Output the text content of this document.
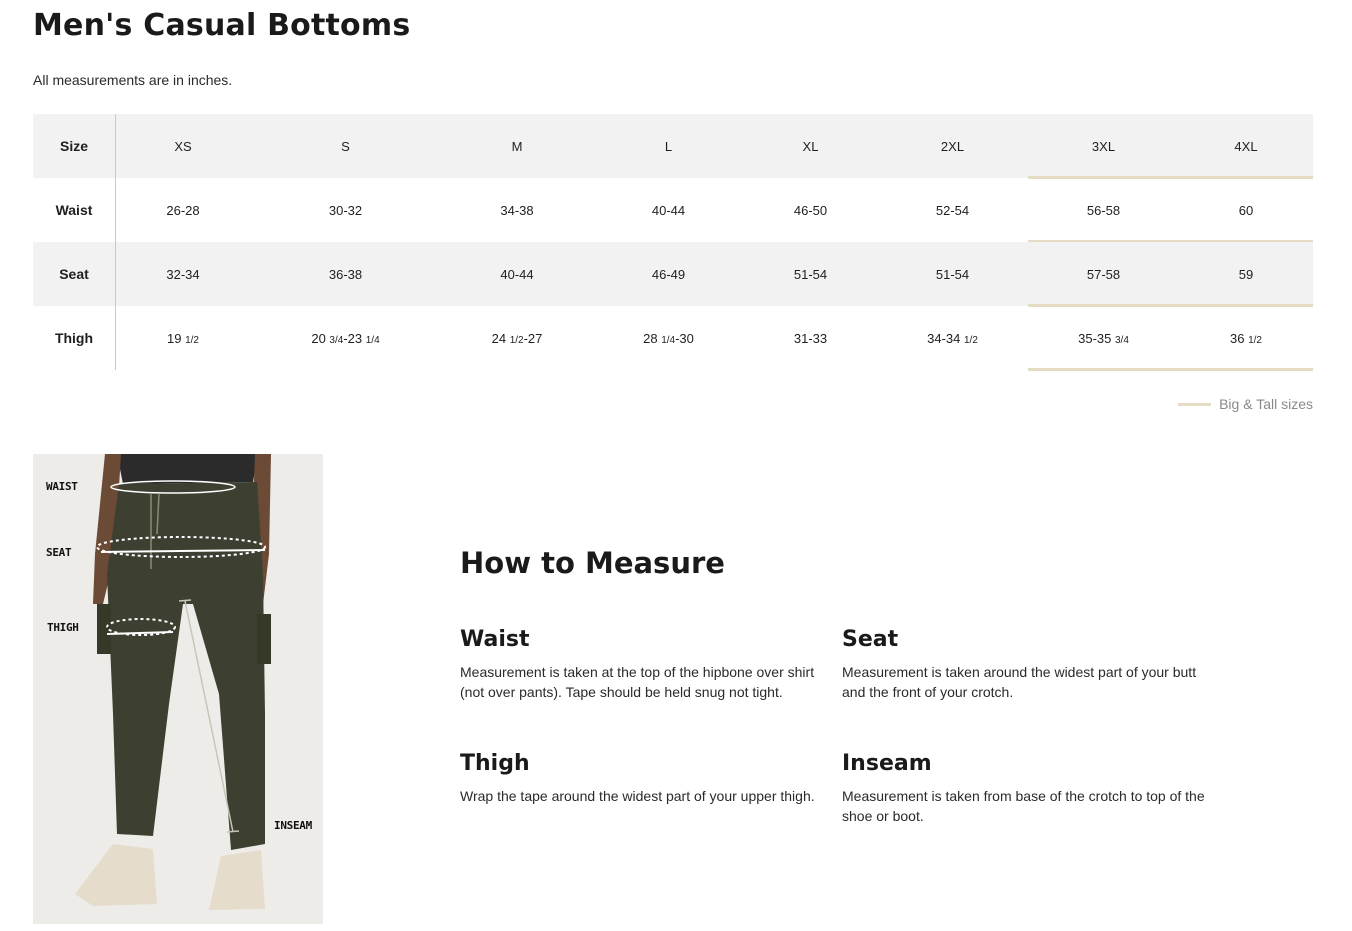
Men's Casual Bottoms
All measurements are in inches.
Size	XS	S	M	L	XL	2XL	3XL	4XL
Waist	26-28	30-32	34-38	40-44	46-50	52-54	56-58	60
Seat	32-34	36-38	40-44	46-49	51-54	51-54	57-58	59
Thigh	19 1/2	20 3/4-23 1/4	24 1/2-27	28 1/4-30	31-33	34-34 1/2	35-35 3/4	36 1/2
Big & Tall sizes
WAIST
SEAT
THIGH
INSEAM
How to Measure
Waist

Measurement is taken at the top of the hipbone over shirt (not over pants). Tape should be held snug not tight.

Seat

Measurement is taken around the widest part of your butt and the front of your crotch.

Thigh

Wrap the tape around the widest part of your upper thigh.

Inseam

Measurement is taken from base of the crotch to top of the shoe or boot.
